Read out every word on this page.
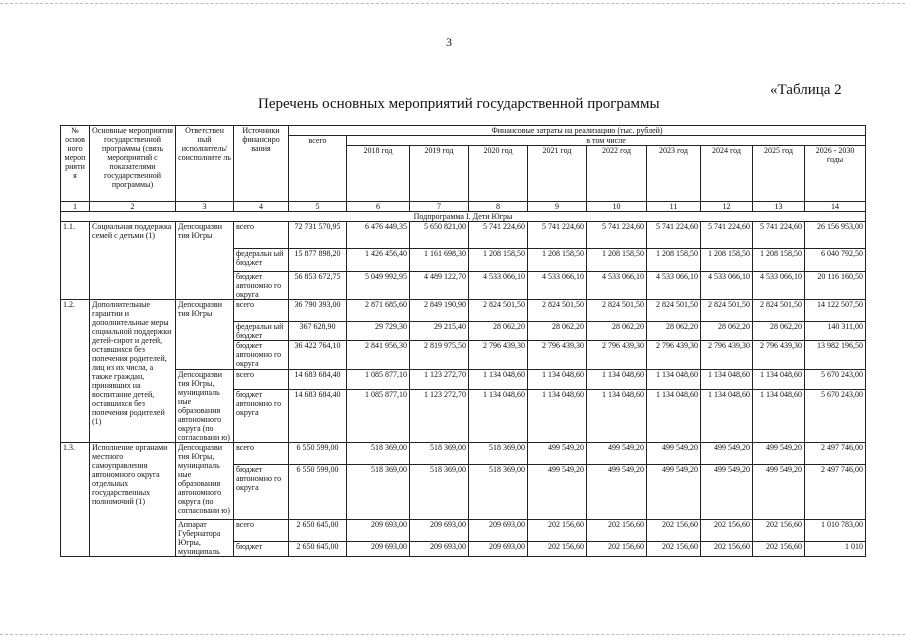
3
«Таблица 2
Перечень основных мероприятий государственной программы
№ основ ного мероп рияти я	Основные мероприятия государственной программы (связь мероприятий с показателями государственной программы)	Ответствен ный исполнитель/ соисполните ль	Источники финансиро вания	Финансовые затраты на реализацию (тыс. рублей)									
				всего	в том числе								
					2018 год	2019 год	2020 год	2021 год	2022 год	2023 год	2024 год	2025 год	2026 - 2030 годы
1	2	3	4	5	6	7	8	9	10	11	12	13	14
Подпрограмма I. Дети Югры													
1.1.	Социальная поддержка семей с детьми (1)	Депсоцразви тия Югры	всего	72 731 570,95	6 476 449,35	5 650 821,00	5 741 224,60	5 741 224,60	5 741 224,60	5 741 224,60	5 741 224,60	5 741 224,60	26 156 953,00
			федеральн ый бюджет	15 877 898,20	1 426 456,40	1 161 698,30	1 208 158,50	1 208 158,50	1 208 158,50	1 208 158,50	1 208 158,50	1 208 158,50	6 040 792,50
			бюджет автономно го округа	56 853 672,75	5 049 992,95	4 489 122,70	4 533 066,10	4 533 066,10	4 533 066,10	4 533 066,10	4 533 066,10	4 533 066,10	20 116 160,50
1.2.	Дополнительные гарантии и дополнительные меры социальной поддержки детей-сирот и детей, оставшихся без попечения родителей, лиц из их числа, а также граждан, принявших на воспитание детей, оставшихся без попечения родителей (1)	Депсоцразви тия Югры	всего	36 790 393,00	2 871 685,60	2 849 190,90	2 824 501,50	2 824 501,50	2 824 501,50	2 824 501,50	2 824 501,50	2 824 501,50	14 122 507,50
			федеральн ый бюджет	367 628,90	29 729,30	29 215,40	28 062,20	28 062,20	28 062,20	28 062,20	28 062,20	28 062,20	140 311,00
			бюджет автономно го округа	36 422 764,10	2 841 956,30	2 819 975,50	2 796 439,30	2 796 439,30	2 796 439,30	2 796 439,30	2 796 439,30	2 796 439,30	13 982 196,50
		Депсоцразви тия Югры, муниципаль ные образования автономного округа (по согласовани ю)	всего	14 683 684,40	1 085 877,10	1 123 272,70	1 134 048,60	1 134 048,60	1 134 048,60	1 134 048,60	1 134 048,60	1 134 048,60	5 670 243,00
			бюджет автономно го округа	14 683 684,40	1 085 877,10	1 123 272,70	1 134 048,60	1 134 048,60	1 134 048,60	1 134 048,60	1 134 048,60	1 134 048,60	5 670 243,00
1.3.	Исполнение органами местного самоуправления автономного округа отдельных государственных полномочий (1)	Депсоцразви тия Югры, муниципаль ные образования автономного округа (по согласовани ю)	всего	6 550 599,00	518 369,00	518 369,00	518 369,00	499 549,20	499 549,20	499 549,20	499 549,20	499 549,20	2 497 746,00
			бюджет автономно го округа	6 550 599,00	518 369,00	518 369,00	518 369,00	499 549,20	499 549,20	499 549,20	499 549,20	499 549,20	2 497 746,00
		Аппарат Губернатора Югры, муниципаль	всего	2 650 645,00	209 693,00	209 693,00	209 693,00	202 156,60	202 156,60	202 156,60	202 156,60	202 156,60	1 010 783,00
			бюджет	2 650 645,00	209 693,00	209 693,00	209 693,00	202 156,60	202 156,60	202 156,60	202 156,60	202 156,60	1 010
